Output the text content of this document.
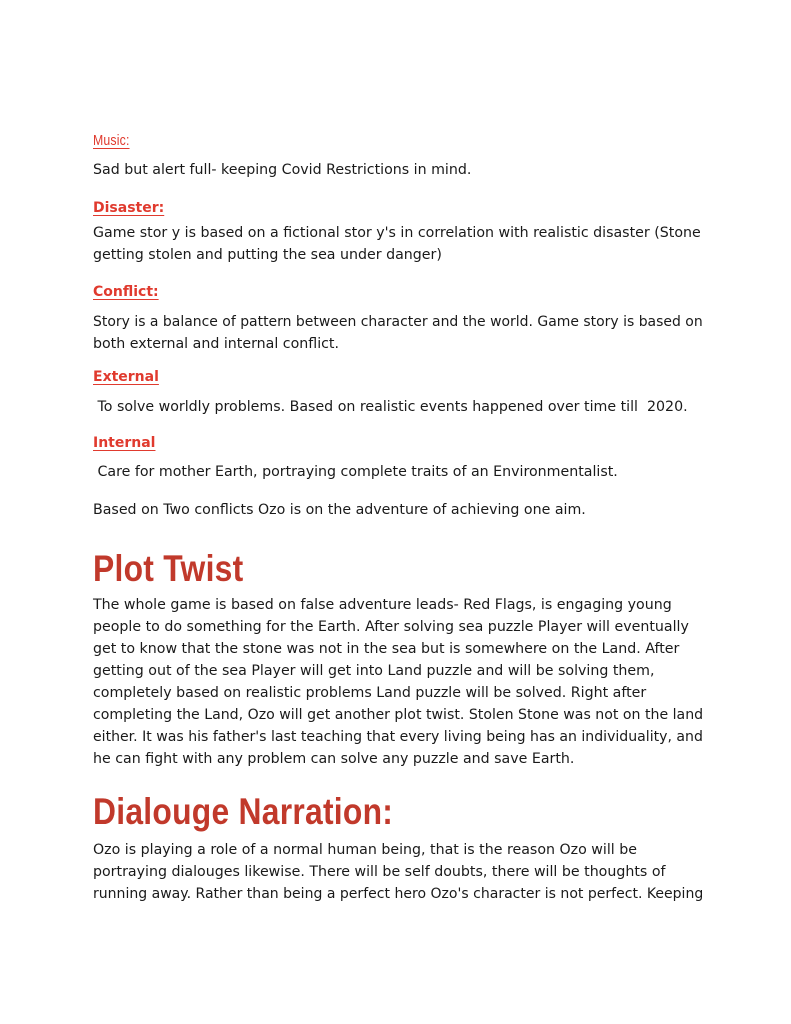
Music:

Sad but alert full- keeping Covid Restrictions in mind.

Disaster:

Game stor y is based on a fictional stor y's in correlation with realistic disaster (Stone

getting stolen and putting the sea under danger)

Conflict:

Story is a balance of pattern between character and the world. Game story is based on

both external and internal conflict.

External

To solve worldly problems. Based on realistic events happened over time till  2020.

Internal

Care for mother Earth, portraying complete traits of an Environmentalist.

Based on Two conflicts Ozo is on the adventure of achieving one aim.

Plot Twist

The whole game is based on false adventure leads- Red Flags, is engaging young

people to do something for the Earth. After solving sea puzzle Player will eventually

get to know that the stone was not in the sea but is somewhere on the Land. After

getting out of the sea Player will get into Land puzzle and will be solving them,

completely based on realistic problems Land puzzle will be solved. Right after

completing the Land, Ozo will get another plot twist. Stolen Stone was not on the land

either. It was his father's last teaching that every living being has an individuality, and

he can fight with any problem can solve any puzzle and save Earth.

Dialouge Narration:

Ozo is playing a role of a normal human being, that is the reason Ozo will be

portraying dialouges likewise. There will be self doubts, there will be thoughts of

running away. Rather than being a perfect hero Ozo's character is not perfect. Keeping
